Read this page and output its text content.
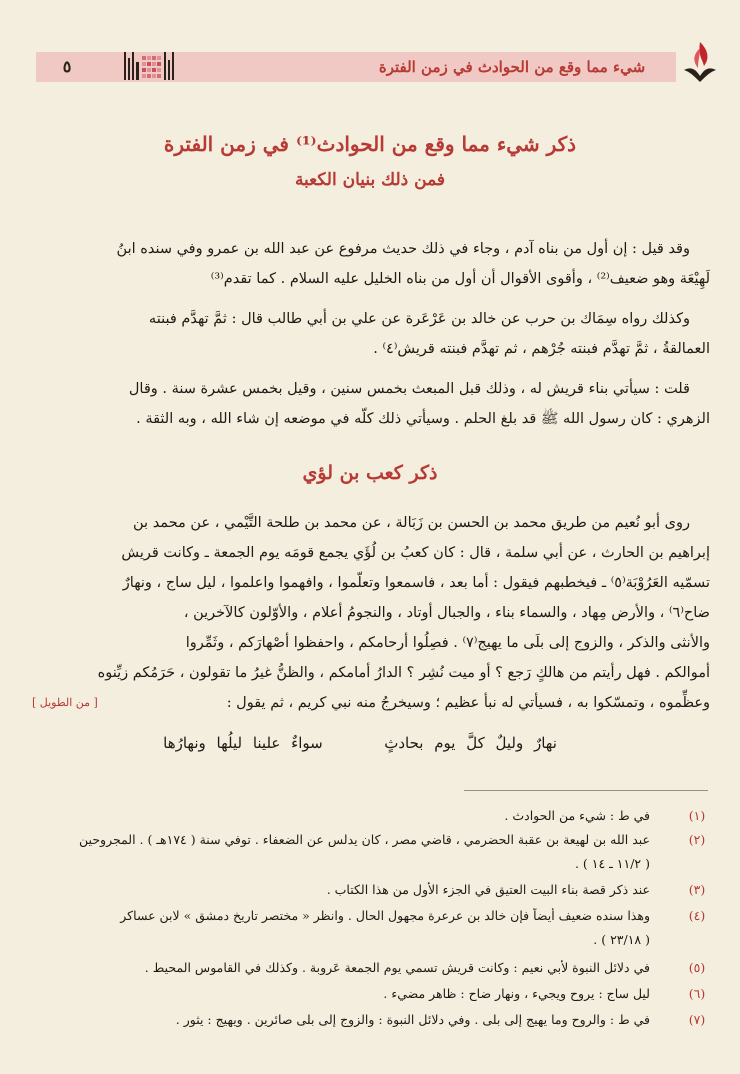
شيء مما وقع من الحوادث في زمن الفترة
٥
ذكر شيء مما وقع من الحوادث⁽¹⁾ في زمن الفترة
فمن ذلك بنيان الكعبة
وقد قيل : إن أول من بناه آدم ، وجاء في ذلك حديث مرفوع عن عبد الله بن عمرو وفي سنده ابنُ
لَهِيْعَة وهو ضعيف⁽²⁾ ، وأقوى الأقوال أن أول من بناه الخليل عليه السلام . كما تقدم⁽³⁾
وكذلك رواه سِمَاك بن حرب عن خالد بن عَرْعَرة عن علي بن أبي طالب قال : ثمَّ تهدَّم فبنته
العمالقةُ ، ثمَّ تهدَّم فبنته جُرْهم ، ثم تهدَّم فبنته قريش⁽٤⁾ .
قلت : سيأتي بناء قريش له ، وذلك قبل المبعث بخمس سنين ، وقيل بخمس عشرة سنة . وقال
الزهري : كان رسول الله ﷺ قد بلغ الحلم . وسيأتي ذلك كلّه في موضعه إن شاء الله ، وبه الثقة .
ذكر كعب بن لؤي
روى أبو نُعيم من طريق محمد بن الحسن بن زَبَالة ، عن محمد بن طلحة التَّيْمي ، عن محمد بن
إبراهيم بن الحارث ، عن أبي سلمة ، قال : كان كعبُ بن لُؤَي يجمع قومَه يوم الجمعة ـ وكانت قريش
تسمّيه العَرُوْبَة⁽٥⁾ ـ فيخطبهم فيقول : أما بعد ، فاسمعوا وتعلّموا ، وافهموا واعلموا ، ليل ساج ، ونهارٌ
ضاح⁽٦⁾ ، والأرض مِهاد ، والسماء بناء ، والجبال أوتاد ، والنجومُ أعلام ، والأوّلون كالآخرين ،
والأنثى والذكر ، والزوج إلى بلَى ما يهيج⁽٧⁾ . فصِلُوا أرحامكم ، واحفظوا أصْهارَكم ، وثَمِّروا
أموالكم . فهل رأيتم من هالكٍ رَجع ؟ أو ميت نُشِر ؟ الدارُ أمامكم ، والظنُّ غيرُ ما تقولون ، حَرَمُكم زيِّنوه
وعظِّموه ، وتمسّكوا به ، فسيأتي له نبأ عظيم ؛ وسيخرجُ منه نبي كريم ، ثم يقول :
[ من الطويل ]
نهارٌ وليلٌ كلَّ يوم بحادثٍ  سواءٌ علينا ليلُها ونهارُها
(١)
في ط : شيء من الحوادث .
(٢)
عبد الله بن لهيعة بن عقبة الحضرمي ، قاضي مصر ، كان يدلس عن الضعفاء . توفي سنة ( ١٧٤هـ ) . المجروحين
( ١١/٢ ـ ١٤ ) .
(٣)
عند ذكر قصة بناء البيت العتيق في الجزء الأول من هذا الكتاب .
(٤)
وهذا سنده ضعيف أيضاً فإن خالد بن عرعرة مجهول الحال . وانظر « مختصر تاريخ دمشق » لابن عساكر
( ٢٣/١٨ ) .
(٥)
في دلائل النبوة لأبي نعيم : وكانت قريش تسمي يوم الجمعة عَروبة . وكذلك في القاموس المحيط .
(٦)
ليل ساج : يروح ويجيء ، ونهار ضاح : ظاهر مضيء .
(٧)
في ط : والروح وما يهيج إلى بلى . وفي دلائل النبوة : والزوج إلى بلى صائرين . ويهيج : يثور .
